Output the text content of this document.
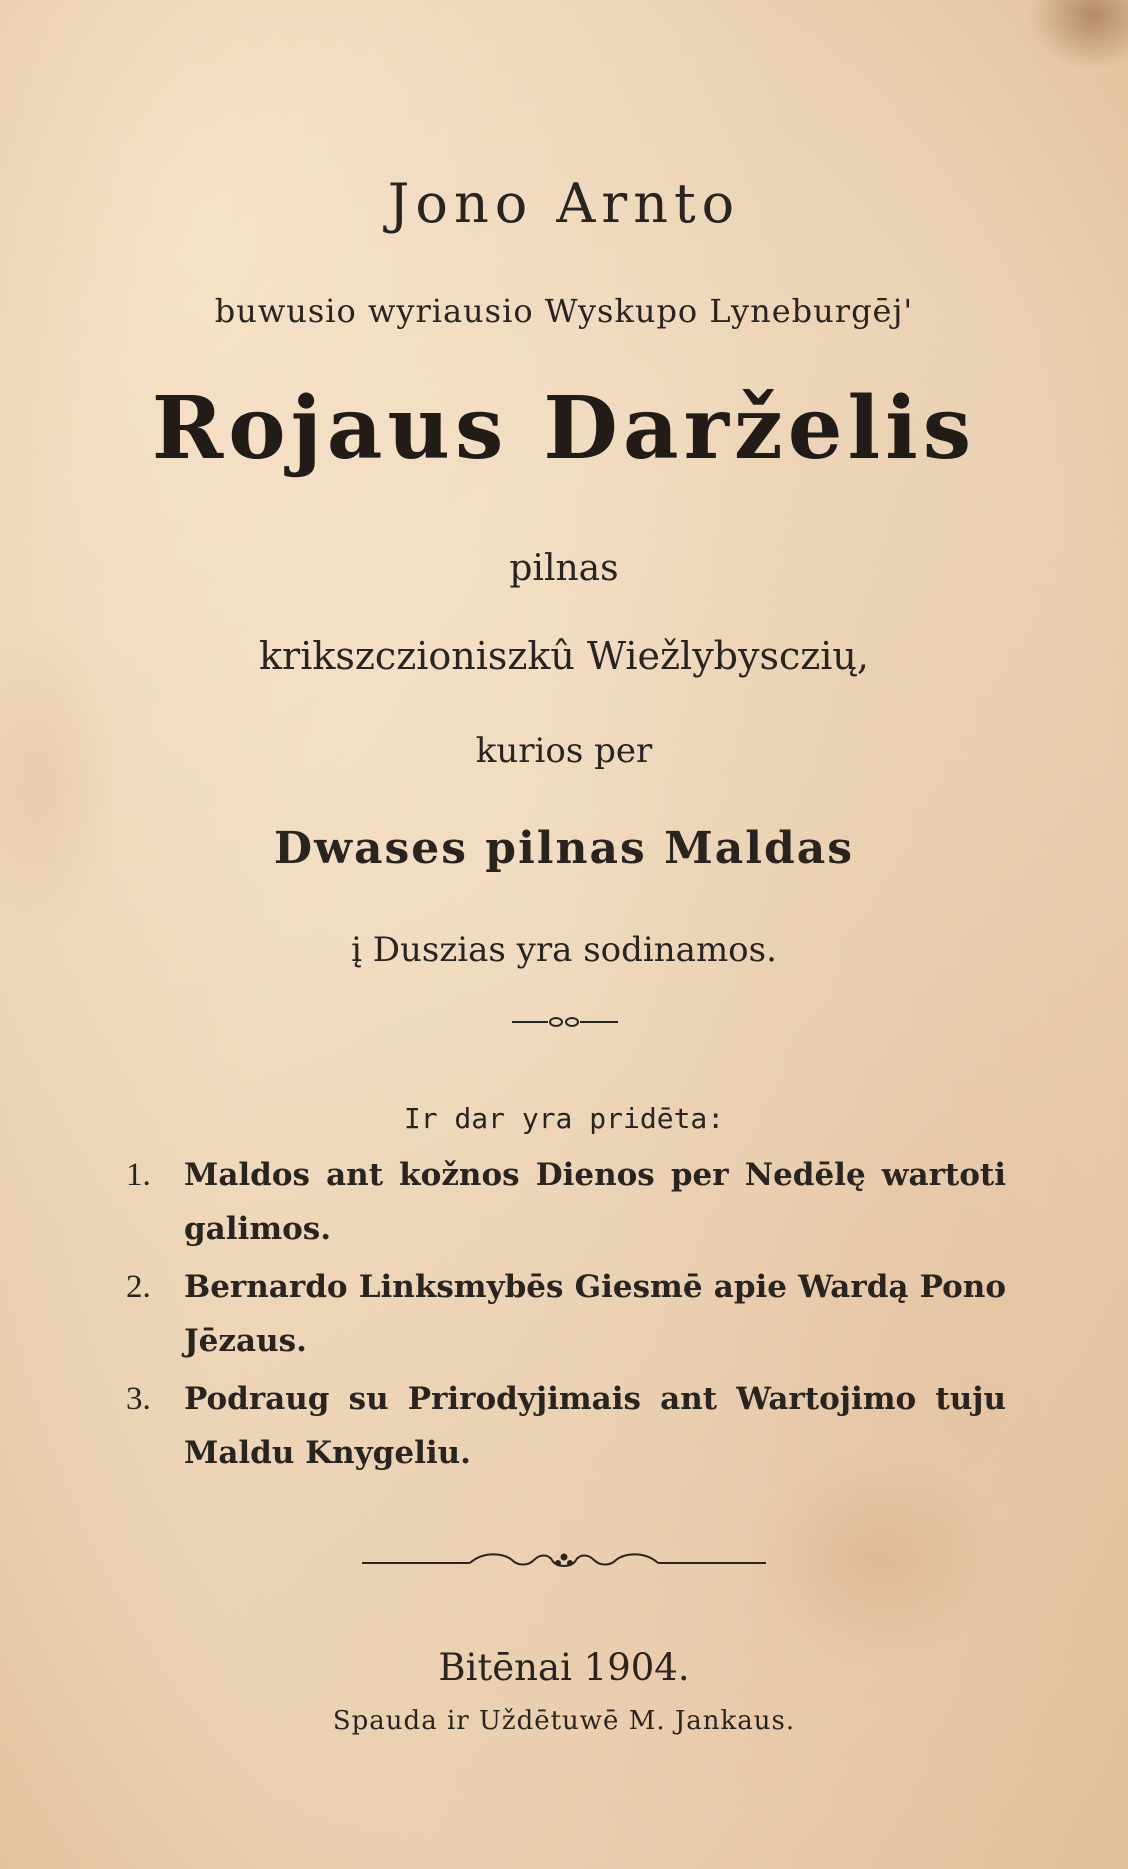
Jono Arnto
buwusio wyriausio Wyskupo Lyneburgēj'
Rojaus Darželis
pilnas
krikszczioniszkû Wiežlybysczių,
kurios per
Dwases pilnas Maldas
į Duszias yra sodinamos.
Ir dar yra pridēta:
1. Maldos ant kožnos Dienos per Nedēlę wartoti galimos.
2. Bernardo Linksmybēs Giesmē apie Wardą Pono Jēzaus.
3. Podraug su Prirodyjimais ant Wartojimo tuju Maldu Knygeliu.
Bitēnai 1904.
Spauda ir Uždētuwē M. Jankaus.
